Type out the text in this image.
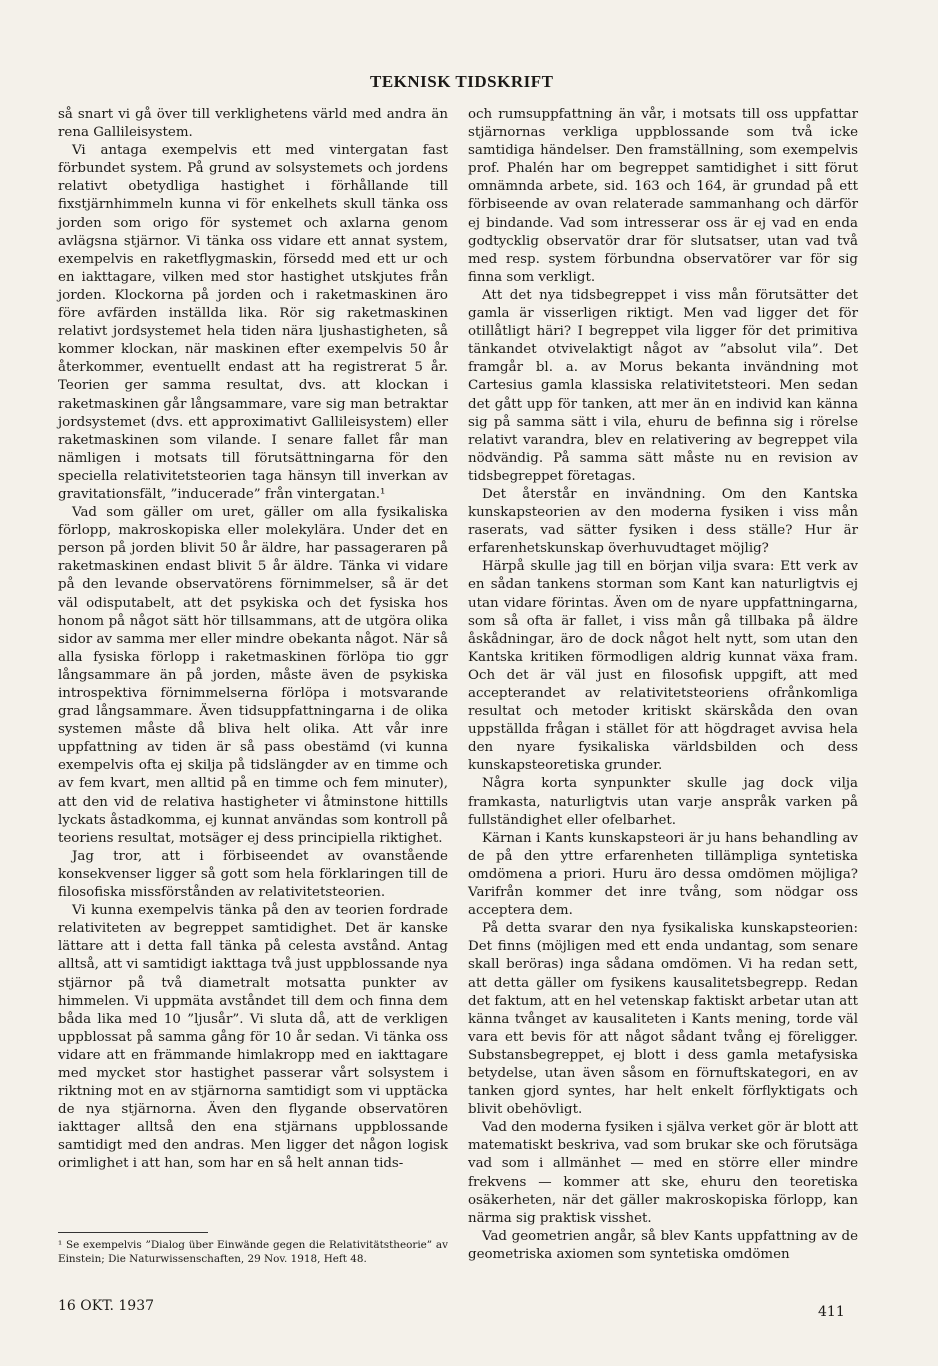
TEKNISK TIDSKRIFT

så snart vi gå över till verklighetens värld med andra än rena Gallileisystem.

Vi antaga exempelvis ett med vintergatan fast förbundet system. På grund av solsystemets och jordens relativt obetydliga hastighet i förhållande till fixstjärnhimmeln kunna vi för enkelhets skull tänka oss jorden som origo för systemet och axlarna genom avlägsna stjärnor. Vi tänka oss vidare ett annat system, exempelvis en raketflygmaskin, försedd med ett ur och en iakttagare, vilken med stor hastighet utskjutes från jorden. Klockorna på jorden och i raketmaskinen äro före avfärden inställda lika. Rör sig raketmaskinen relativt jordsystemet hela tiden nära ljushastigheten, så kommer klockan, när maskinen efter exempelvis 50 år återkommer, eventuellt endast att ha registrerat 5 år. Teorien ger samma resultat, dvs. att klockan i raketmaskinen går långsammare, vare sig man betraktar jordsystemet (dvs. ett approximativt Gallileisystem) eller raketmaskinen som vilande. I senare fallet får man nämligen i motsats till förutsättningarna för den speciella relativitetsteorien taga hänsyn till inverkan av gravitationsfält, ”inducerade” från vintergatan.¹

Vad som gäller om uret, gäller om alla fysikaliska förlopp, makroskopiska eller molekylära. Under det en person på jorden blivit 50 år äldre, har passageraren på raketmaskinen endast blivit 5 år äldre. Tänka vi vidare på den levande observatörens förnimmelser, så är det väl odisputabelt, att det psykiska och det fysiska hos honom på något sätt hör tillsammans, att de utgöra olika sidor av samma mer eller mindre obekanta något. När så alla fysiska förlopp i raketmaskinen förlöpa tio ggr långsammare än på jorden, måste även de psykiska introspektiva förnimmelserna förlöpa i motsvarande grad långsammare. Även tidsuppfattningarna i de olika systemen måste då bliva helt olika. Att vår inre uppfattning av tiden är så pass obestämd (vi kunna exempelvis ofta ej skilja på tidslängder av en timme och av fem kvart, men alltid på en timme och fem minuter), att den vid de relativa hastigheter vi åtminstone hittills lyckats åstadkomma, ej kunnat användas som kontroll på teoriens resultat, motsäger ej dess principiella riktighet.

Jag tror, att i förbiseendet av ovanstående konsekvenser ligger så gott som hela förklaringen till de filosofiska missförstånden av relativitetsteorien.

Vi kunna exempelvis tänka på den av teorien fordrade relativiteten av begreppet samtidighet. Det är kanske lättare att i detta fall tänka på celesta avstånd. Antag alltså, att vi samtidigt iakttaga två just uppblossande nya stjärnor på två diametralt motsatta punkter av himmelen. Vi uppmäta avståndet till dem och finna dem båda lika med 10 ”ljusår”. Vi sluta då, att de verkligen uppblossat på samma gång för 10 år sedan. Vi tänka oss vidare att en främmande himlakropp med en iakttagare med mycket stor hastighet passerar vårt solsystem i riktning mot en av stjärnorna samtidigt som vi upptäcka de nya stjärnorna. Även den flygande observatören iakttager alltså den ena stjärnans uppblossande samtidigt med den andras. Men ligger det någon logisk orimlighet i att han, som har en så helt annan tids-

och rumsuppfattning än vår, i motsats till oss uppfattar stjärnornas verkliga uppblossande som två icke samtidiga händelser. Den framställning, som exempelvis prof. Phalén har om begreppet samtidighet i sitt förut omnämnda arbete, sid. 163 och 164, är grundad på ett förbiseende av ovan relaterade sammanhang och därför ej bindande. Vad som intresserar oss är ej vad en enda godtycklig observatör drar för slutsatser, utan vad två med resp. system förbundna observatörer var för sig finna som verkligt.

Att det nya tidsbegreppet i viss mån förutsätter det gamla är visserligen riktigt. Men vad ligger det för otillåtligt häri? I begreppet vila ligger för det primitiva tänkandet otvivelaktigt något av ”absolut vila”. Det framgår bl. a. av Morus bekanta invändning mot Cartesius gamla klassiska relativitetsteori. Men sedan det gått upp för tanken, att mer än en individ kan känna sig på samma sätt i vila, ehuru de befinna sig i rörelse relativt varandra, blev en relativering av begreppet vila nödvändig. På samma sätt måste nu en revision av tidsbegreppet företagas.

Det återstår en invändning. Om den Kantska kunskapsteorien av den moderna fysiken i viss mån raserats, vad sätter fysiken i dess ställe? Hur är erfarenhetskunskap överhuvudtaget möjlig?

Härpå skulle jag till en början vilja svara: Ett verk av en sådan tankens storman som Kant kan naturligtvis ej utan vidare förintas. Även om de nyare uppfattningarna, som så ofta är fallet, i viss mån gå tillbaka på äldre åskådningar, äro de dock något helt nytt, som utan den Kantska kritiken förmodligen aldrig kunnat växa fram. Och det är väl just en filosofisk uppgift, att med accepterandet av relativitetsteoriens ofrånkomliga resultat och metoder kritiskt skärskåda den ovan uppställda frågan i stället för att högdraget avvisa hela den nyare fysikaliska världsbilden och dess kunskapsteoretiska grunder.

Några korta synpunkter skulle jag dock vilja framkasta, naturligtvis utan varje anspråk varken på fullständighet eller ofelbarhet.

Kärnan i Kants kunskapsteori är ju hans behandling av de på den yttre erfarenheten tillämpliga syntetiska omdömena a priori. Huru äro dessa omdömen möjliga? Varifrån kommer det inre tvång, som nödgar oss acceptera dem.

På detta svarar den nya fysikaliska kunskapsteorien: Det finns (möjligen med ett enda undantag, som senare skall beröras) inga sådana omdömen. Vi ha redan sett, att detta gäller om fysikens kausalitetsbegrepp. Redan det faktum, att en hel vetenskap faktiskt arbetar utan att känna tvånget av kausaliteten i Kants mening, torde väl vara ett bevis för att något sådant tvång ej föreligger. Substansbegreppet, ej blott i dess gamla metafysiska betydelse, utan även såsom en förnuftskategori, en av tanken gjord syntes, har helt enkelt förflyktigats och blivit obehövligt.

Vad den moderna fysiken i själva verket gör är blott att matematiskt beskriva, vad som brukar ske och förutsäga vad som i allmänhet — med en större eller mindre frekvens — kommer att ske, ehuru den teoretiska osäkerheten, när det gäller makroskopiska förlopp, kan närma sig praktisk visshet.

Vad geometrien angår, så blev Kants uppfattning av de geometriska axiomen som syntetiska omdömen

¹ Se exempelvis ”Dialog über Einwände gegen die Relativitätstheorie” av Einstein; Die Naturwissenschaften, 29 Nov. 1918, Heft 48.
16 OKT. 1937	411
